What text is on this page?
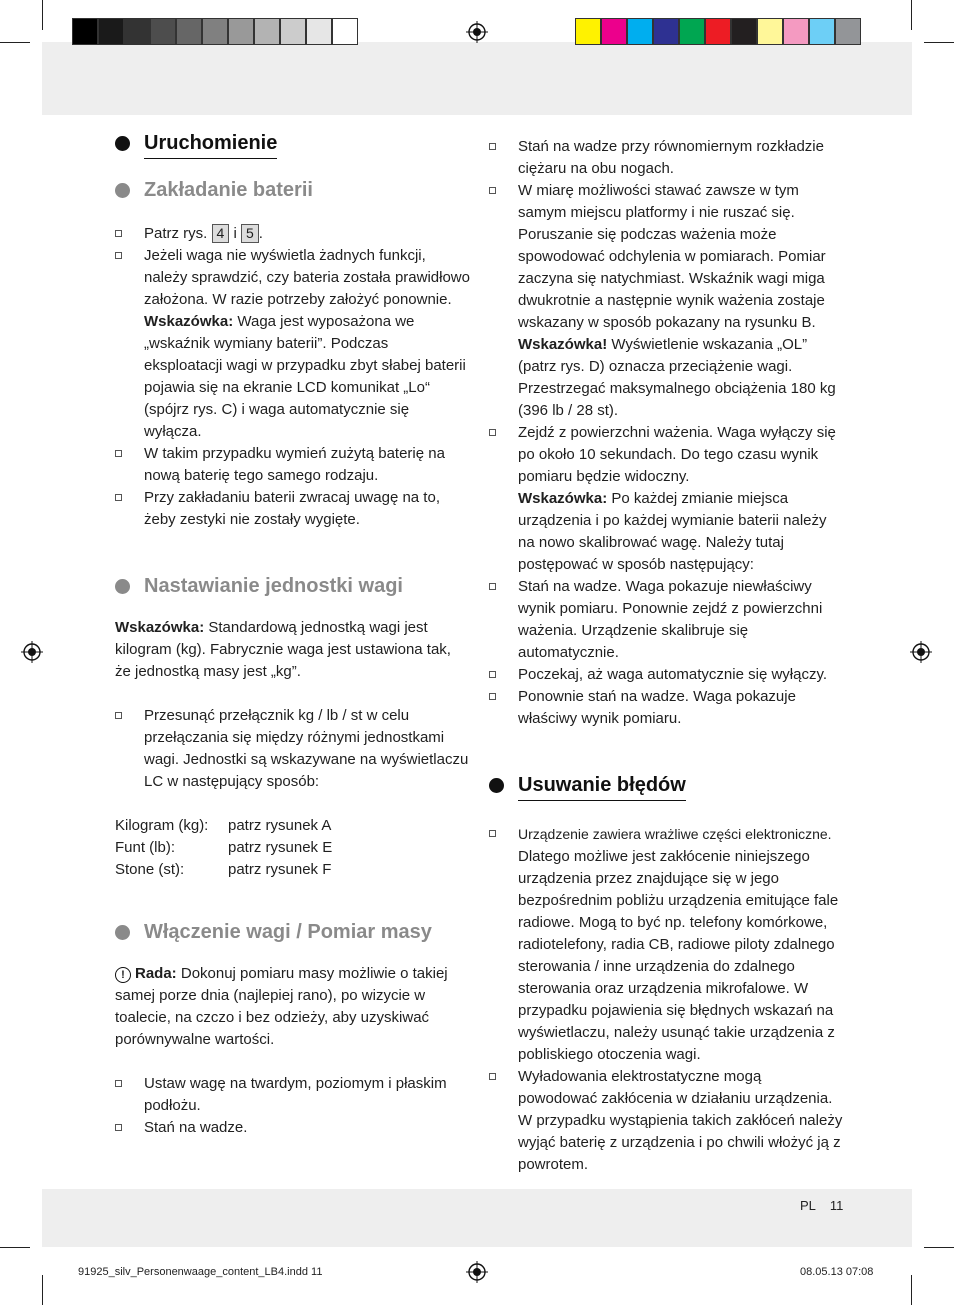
Uruchomienie
Zakładanie baterii
Patrz rys. 4 i 5 .

Jeżeli waga nie wyświetla żadnych funkcji, należy sprawdzić, czy bateria została prawidłowo założona. W razie potrzeby założyć ponownie.

Wskazówka: Waga jest wyposażona we „wskaźnik wymiany baterii”. Podczas eksploatacji wagi w przypadku zbyt słabej baterii pojawia się na ekranie LCD komunikat „Lo“ (spójrz rys. C) i waga automatycznie się wyłącza.

W takim przypadku wymień zużytą baterię na nową baterię tego samego rodzaju.

Przy zakładaniu baterii zwracaj uwagę na to, żeby zestyki nie zostały wygięte.

Nastawianie jednostki wagi

Wskazówka: Standardową jednostką wagi jest kilogram (kg). Fabrycznie waga jest ustawiona tak, że jednostką masy jest „kg”.

Przesunąć przełącznik kg / lb / st w celu przełączania się między różnymi jednostkami wagi. Jednostki są wskazywane na wyświetlaczu LC w następujący sposób:

Kilogram (kg):	patrz rysunek A
Funt (lb):	patrz rysunek E
Stone (st):	patrz rysunek F
Włączenie wagi / Pomiar masy

! Rada: Dokonuj pomiaru masy możliwie o takiej samej porze dnia (najlepiej rano), po wizycie w toalecie, na czczo i bez odzieży, aby uzyskiwać porównywalne wartości.

Ustaw wagę na twardym, poziomym i płaskim podłożu.

Stań na wadze.

Stań na wadze przy równomiernym rozkładzie ciężaru na obu nogach.

W miarę możliwości stawać zawsze w tym samym miejscu platformy i nie ruszać się. Poruszanie się podczas ważenia może spowodować odchylenia w pomiarach. Pomiar zaczyna się natychmiast. Wskaźnik wagi miga dwukrotnie a następnie wynik ważenia zostaje wskazany w sposób pokazany na rysunku B.

Wskazówka! Wyświetlenie wskazania „OL” (patrz rys. D) oznacza przeciążenie wagi. Przestrzegać maksymalnego obciążenia 180 kg (396 lb / 28 st).

Zejdź z powierzchni ważenia. Waga wyłączy się po około 10 sekundach. Do tego czasu wynik pomiaru będzie widoczny.

Wskazówka: Po każdej zmianie miejsca urządzenia i po każdej wymianie baterii należy na nowo skalibrować wagę. Należy tutaj postępować w sposób następujący:

Stań na wadze. Waga pokazuje niewłaściwy wynik pomiaru. Ponownie zejdź z powierzchni ważenia. Urządzenie skalibruje się automatycznie.

Poczekaj, aż waga automatycznie się wyłączy.

Ponownie stań na wadze. Waga pokazuje właściwy wynik pomiaru.

Usuwanie błędów

Urządzenie zawiera wrażliwe części elektroniczne. Dlatego możliwe jest zakłócenie niniejszego urządzenia przez znajdujące się w jego bezpośrednim pobliżu urządzenia emitujące fale radiowe. Mogą to być np. telefony komórkowe, radiotelefony, radia CB, radiowe piloty zdalnego sterowania / inne urządzenia do zdalnego sterowania oraz urządzenia mikrofalowe. W przypadku pojawienia się błędnych wskazań na wyświetlaczu, należy usunąć takie urządzenia z pobliskiego otoczenia wagi.

Wyładowania elektrostatyczne mogą powodować zakłócenia w działaniu urządzenia. W przypadku wystąpienia takich zakłóceń należy wyjąć baterię z urządzenia i po chwili włożyć ją z powrotem.

PL 11
91925_silv_Personenwaage_content_LB4.indd 11	08.05.13 07:08
